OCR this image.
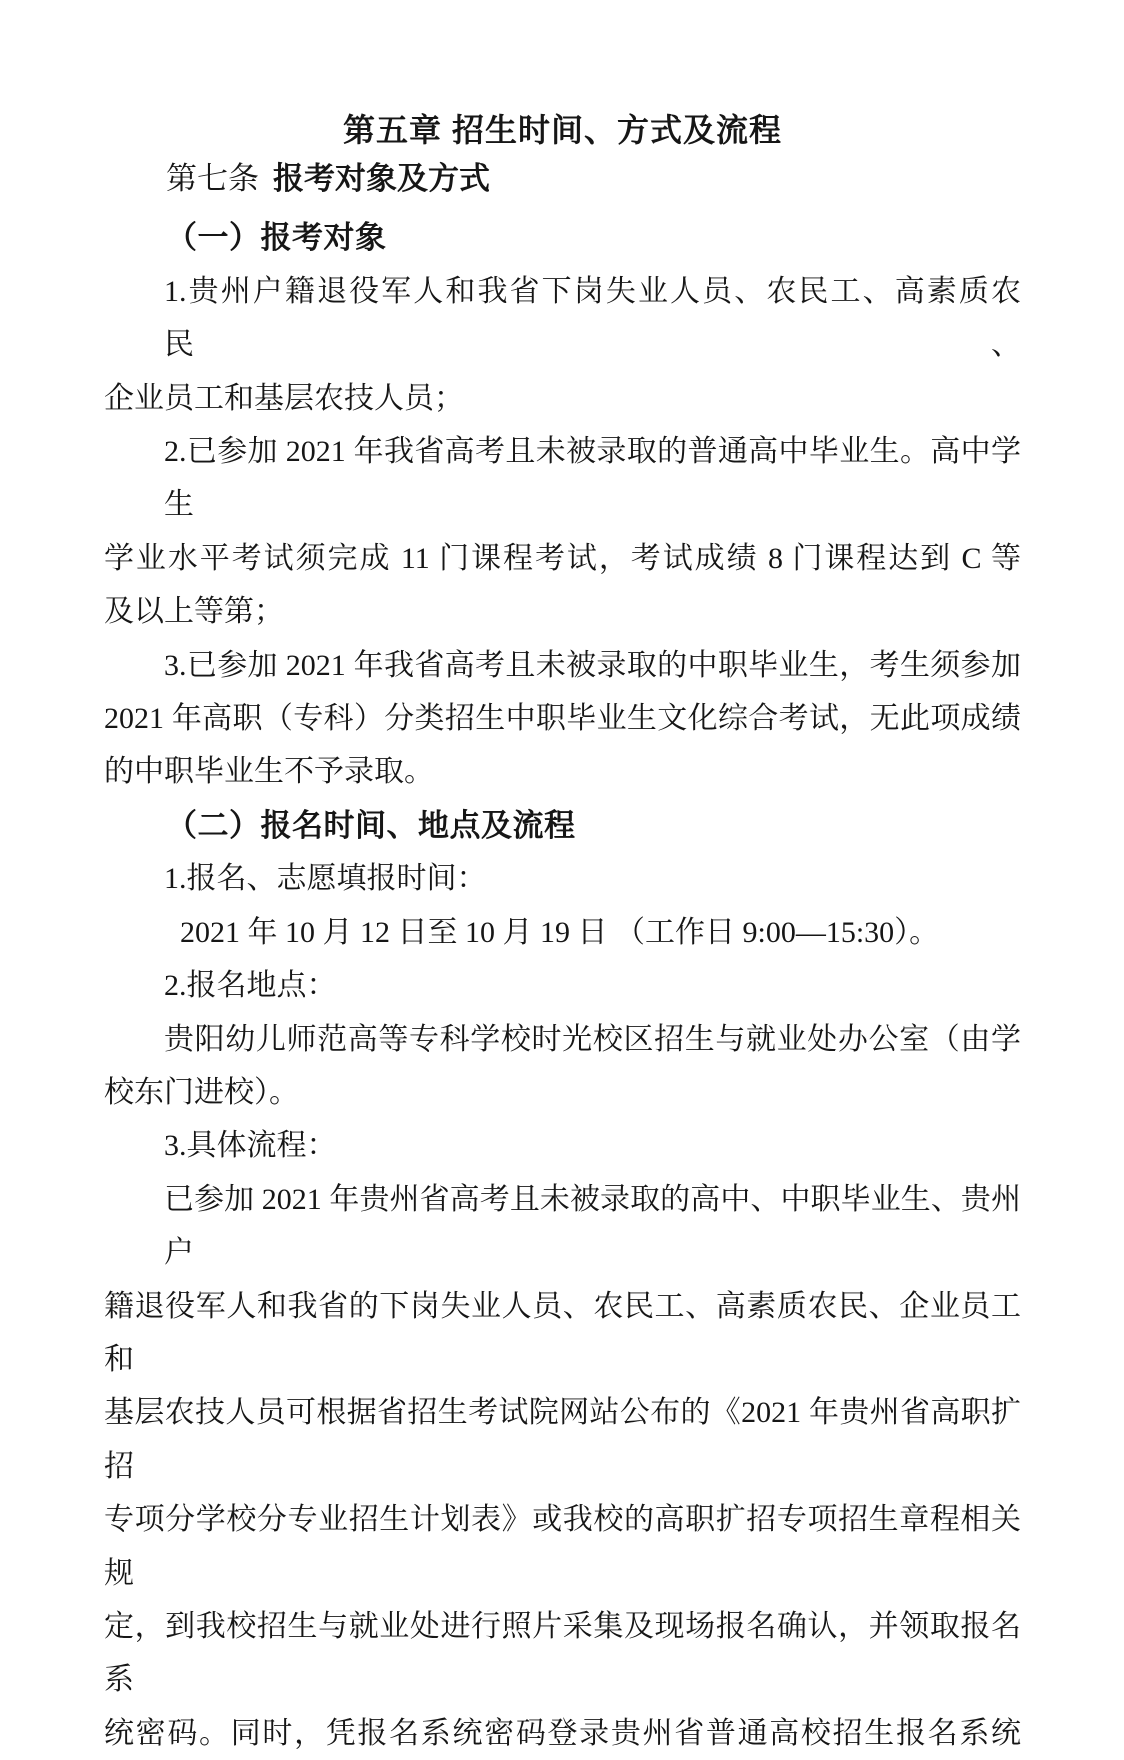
第五章 招生时间、方式及流程
第七条 报考对象及方式
（一）报考对象
1.贵州户籍退役军人和我省下岗失业人员、农民工、高素质农民、
企业员工和基层农技人员；
2.已参加 2021 年我省高考且未被录取的普通高中毕业生。高中学生
学业水平考试须完成 11 门课程考试，考试成绩 8 门课程达到 C 等
及以上等第；
3.已参加 2021 年我省高考且未被录取的中职毕业生，考生须参加
2021 年高职（专科）分类招生中职毕业生文化综合考试，无此项成绩
的中职毕业生不予录取。
（二）报名时间、地点及流程
1.报名、志愿填报时间：
2021 年 10 月 12 日至 10 月 19 日 （工作日 9:00—15:30）。
2.报名地点：
贵阳幼儿师范高等专科学校时光校区招生与就业处办公室（由学
校东门进校）。
3.具体流程：
已参加 2021 年贵州省高考且未被录取的高中、中职毕业生、贵州户
籍退役军人和我省的下岗失业人员、农民工、高素质农民、企业员工和
基层农技人员可根据省招生考试院网站公布的《2021 年贵州省高职扩招
专项分学校分专业招生计划表》或我校的高职扩招专项招生章程相关规
定，到我校招生与就业处进行照片采集及现场报名确认，并领取报名系
统密码。同时，凭报名系统密码登录贵州省普通高校招生报名系统
